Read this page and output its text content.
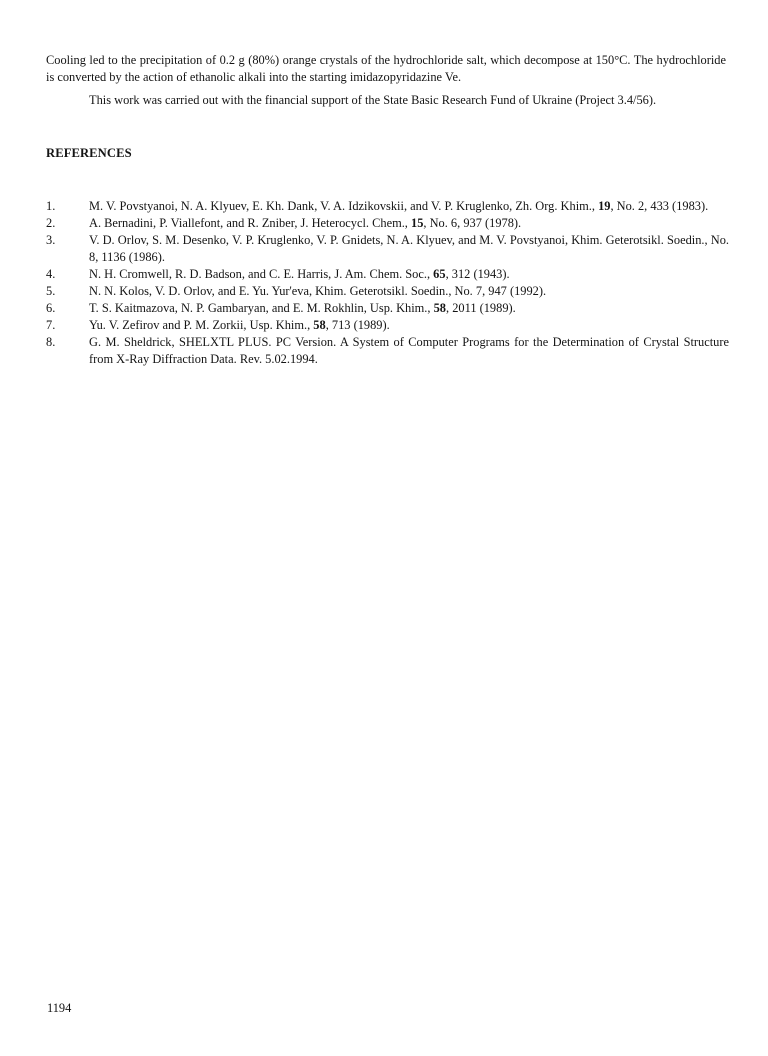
Cooling led to the precipitation of 0.2 g (80%) orange crystals of the hydrochloride salt, which decompose at 150°C. The hydrochloride is converted by the action of ethanolic alkali into the starting imidazopyridazine Ve.

This work was carried out with the financial support of the State Basic Research Fund of Ukraine (Project 3.4/56).

REFERENCES
1.	M. V. Povstyanoi, N. A. Klyuev, E. Kh. Dank, V. A. Idzikovskii, and V. P. Kruglenko, Zh. Org. Khim., 19, No. 2, 433 (1983).
2.	A. Bernadini, P. Viallefont, and R. Zniber, J. Heterocycl. Chem., 15, No. 6, 937 (1978).
3.	V. D. Orlov, S. M. Desenko, V. P. Kruglenko, V. P. Gnidets, N. A. Klyuev, and M. V. Povstyanoi, Khim. Geterotsikl. Soedin., No. 8, 1136 (1986).
4.	N. H. Cromwell, R. D. Badson, and C. E. Harris, J. Am. Chem. Soc., 65, 312 (1943).
5.	N. N. Kolos, V. D. Orlov, and E. Yu. Yur'eva, Khim. Geterotsikl. Soedin., No. 7, 947 (1992).
6.	T. S. Kaitmazova, N. P. Gambaryan, and E. M. Rokhlin, Usp. Khim., 58, 2011 (1989).
7.	Yu. V. Zefirov and P. M. Zorkii, Usp. Khim., 58, 713 (1989).
8.	G. M. Sheldrick, SHELXTL PLUS. PC Version. A System of Computer Programs for the Determination of Crystal Structure from X-Ray Diffraction Data. Rev. 5.02.1994.
1194
